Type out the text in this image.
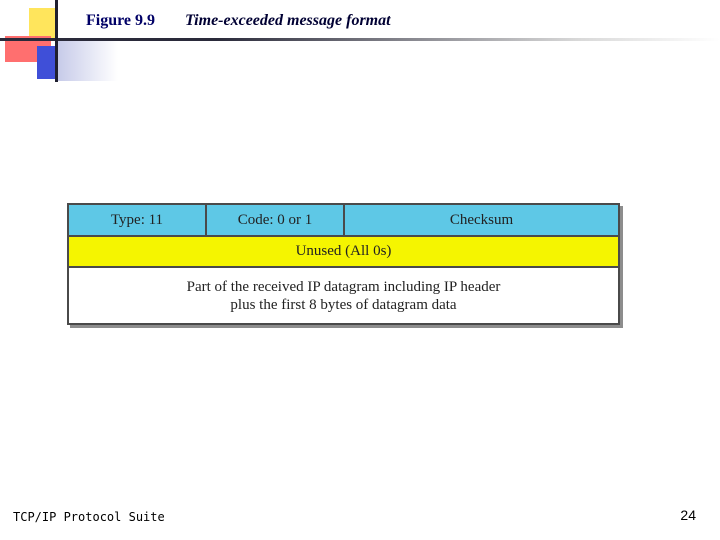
Figure 9.9 Time-exceeded message format
Type: 11	Code: 0 or 1	Checksum
Unused (All 0s)
Part of the received IP datagram including IP header
plus the first 8 bytes of datagram data
TCP/IP Protocol Suite	24
